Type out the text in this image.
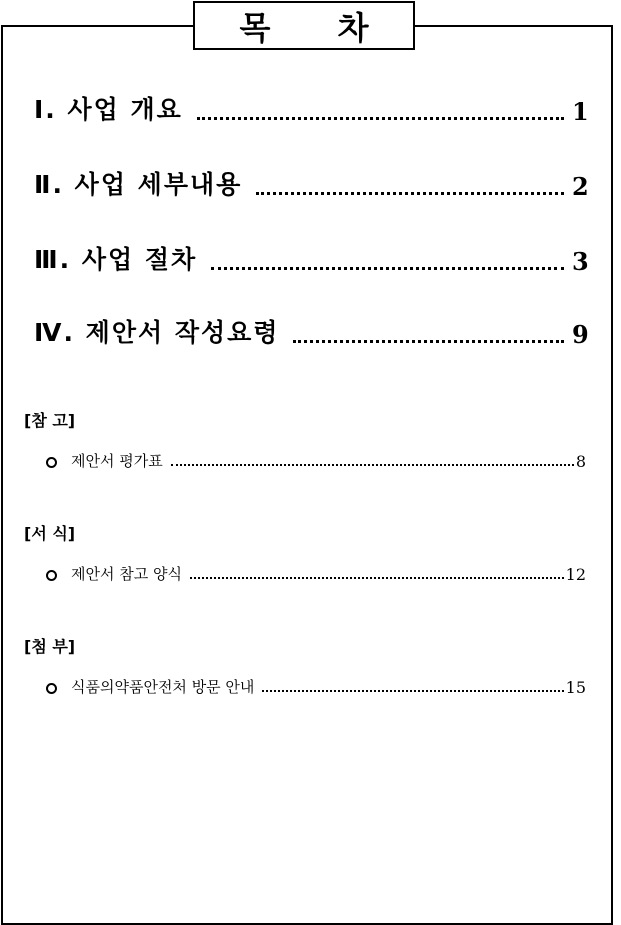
목 차
Ⅰ. 사업 개요	1
Ⅱ. 사업 세부내용	2
Ⅲ. 사업 절차	3
Ⅳ. 제안서 작성요령	9
[참 고]
제안서 평가표	8
[서 식]
제안서 참고 양식	12
[첨 부]
식품의약품안전처 방문 안내	15
